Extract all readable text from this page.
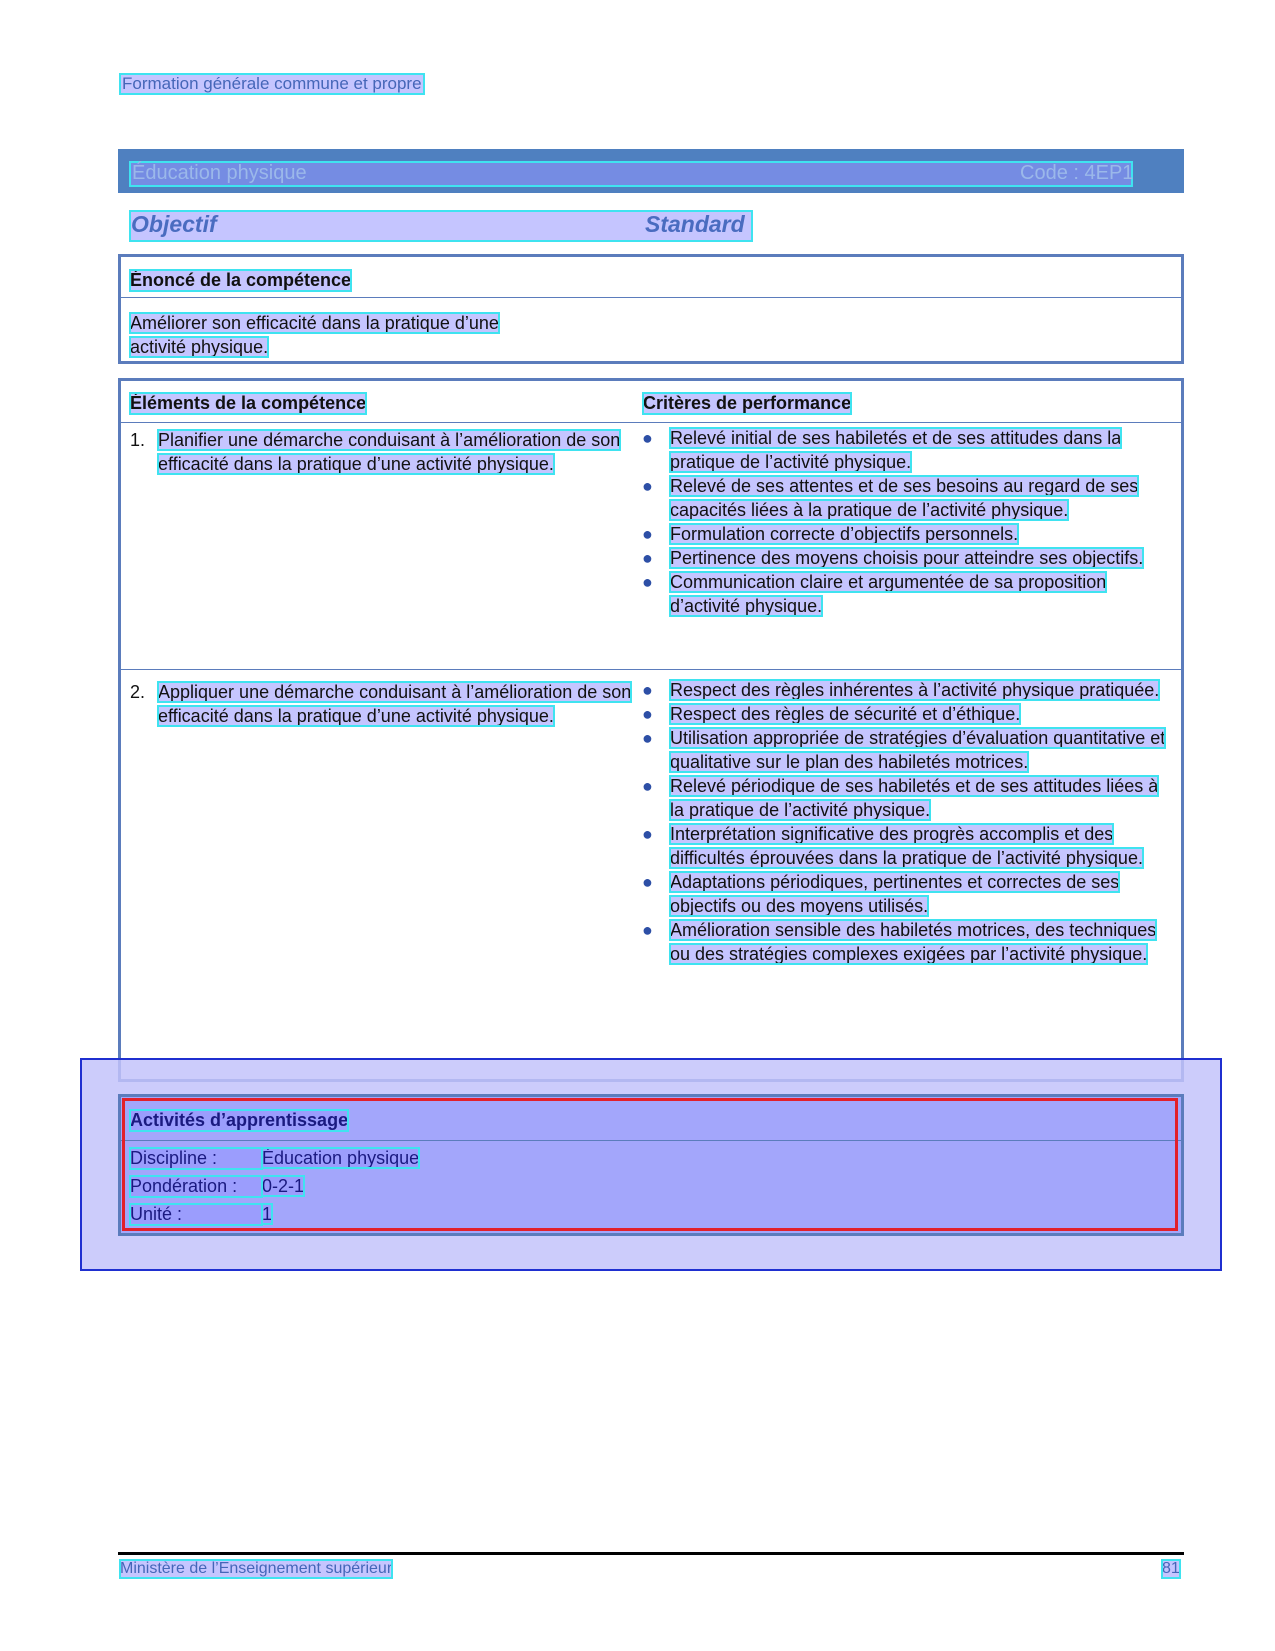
Formation générale commune et propre
Éducation physique	Code : 4EP1
Objectif	Standard
Énoncé de la compétence
Améliorer son efficacité dans la pratique d’une activité physique.
Éléments de la compétence	Critères de performance
1. Planifier une démarche conduisant à l’amélioration de son efficacité dans la pratique d’une activité physique.
● Relevé initial de ses habiletés et de ses attitudes dans la pratique de l’activité physique.
● Relevé de ses attentes et de ses besoins au regard de ses capacités liées à la pratique de l’activité physique.
● Formulation correcte d’objectifs personnels.
● Pertinence des moyens choisis pour atteindre ses objectifs.
● Communication claire et argumentée de sa proposition d’activité physique.
2. Appliquer une démarche conduisant à l’amélioration de son efficacité dans la pratique d’une activité physique.
● Respect des règles inhérentes à l’activité physique pratiquée.
● Respect des règles de sécurité et d’éthique.
● Utilisation appropriée de stratégies d’évaluation quantitative et qualitative sur le plan des habiletés motrices.
● Relevé périodique de ses habiletés et de ses attitudes liées à la pratique de l’activité physique.
● Interprétation significative des progrès accomplis et des difficultés éprouvées dans la pratique de l’activité physique.
● Adaptations périodiques, pertinentes et correctes de ses objectifs ou des moyens utilisés.
● Amélioration sensible des habiletés motrices, des techniques ou des stratégies complexes exigées par l’activité physique.
Activités d’apprentissage
Discipline : Éducation physique
Pondération : 0-2-1
Unité :	1
Ministère de l’Enseignement supérieur	81
